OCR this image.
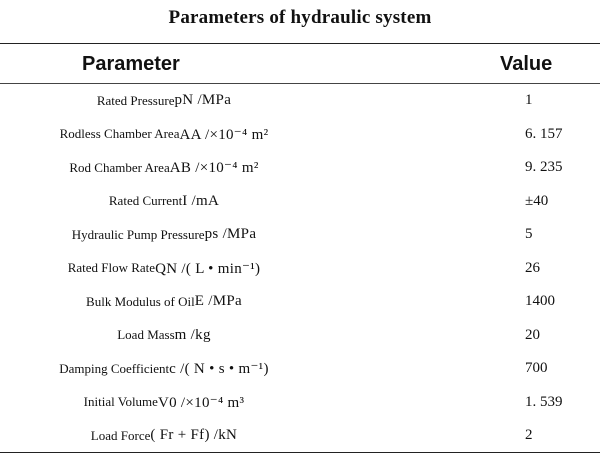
Parameters of hydraulic system
Parameter	Value
Rated Pressure pN /MPa	1
Rodless Chamber Area AA /×10⁻⁴ m²	6. 157
Rod Chamber Area AB /×10⁻⁴ m²	9. 235
Rated Current I /mA	±40
Hydraulic Pump Pressure ps /MPa	5
Rated Flow Rate QN /( L • min⁻¹)	26
Bulk Modulus of Oil E /MPa	1400
Load Mass m /kg	20
Damping Coefficient c /( N • s • m⁻¹)	700
Initial Volume V0 /×10⁻⁴ m³	1. 539
Load Force ( Fr + Ff) /kN	2
